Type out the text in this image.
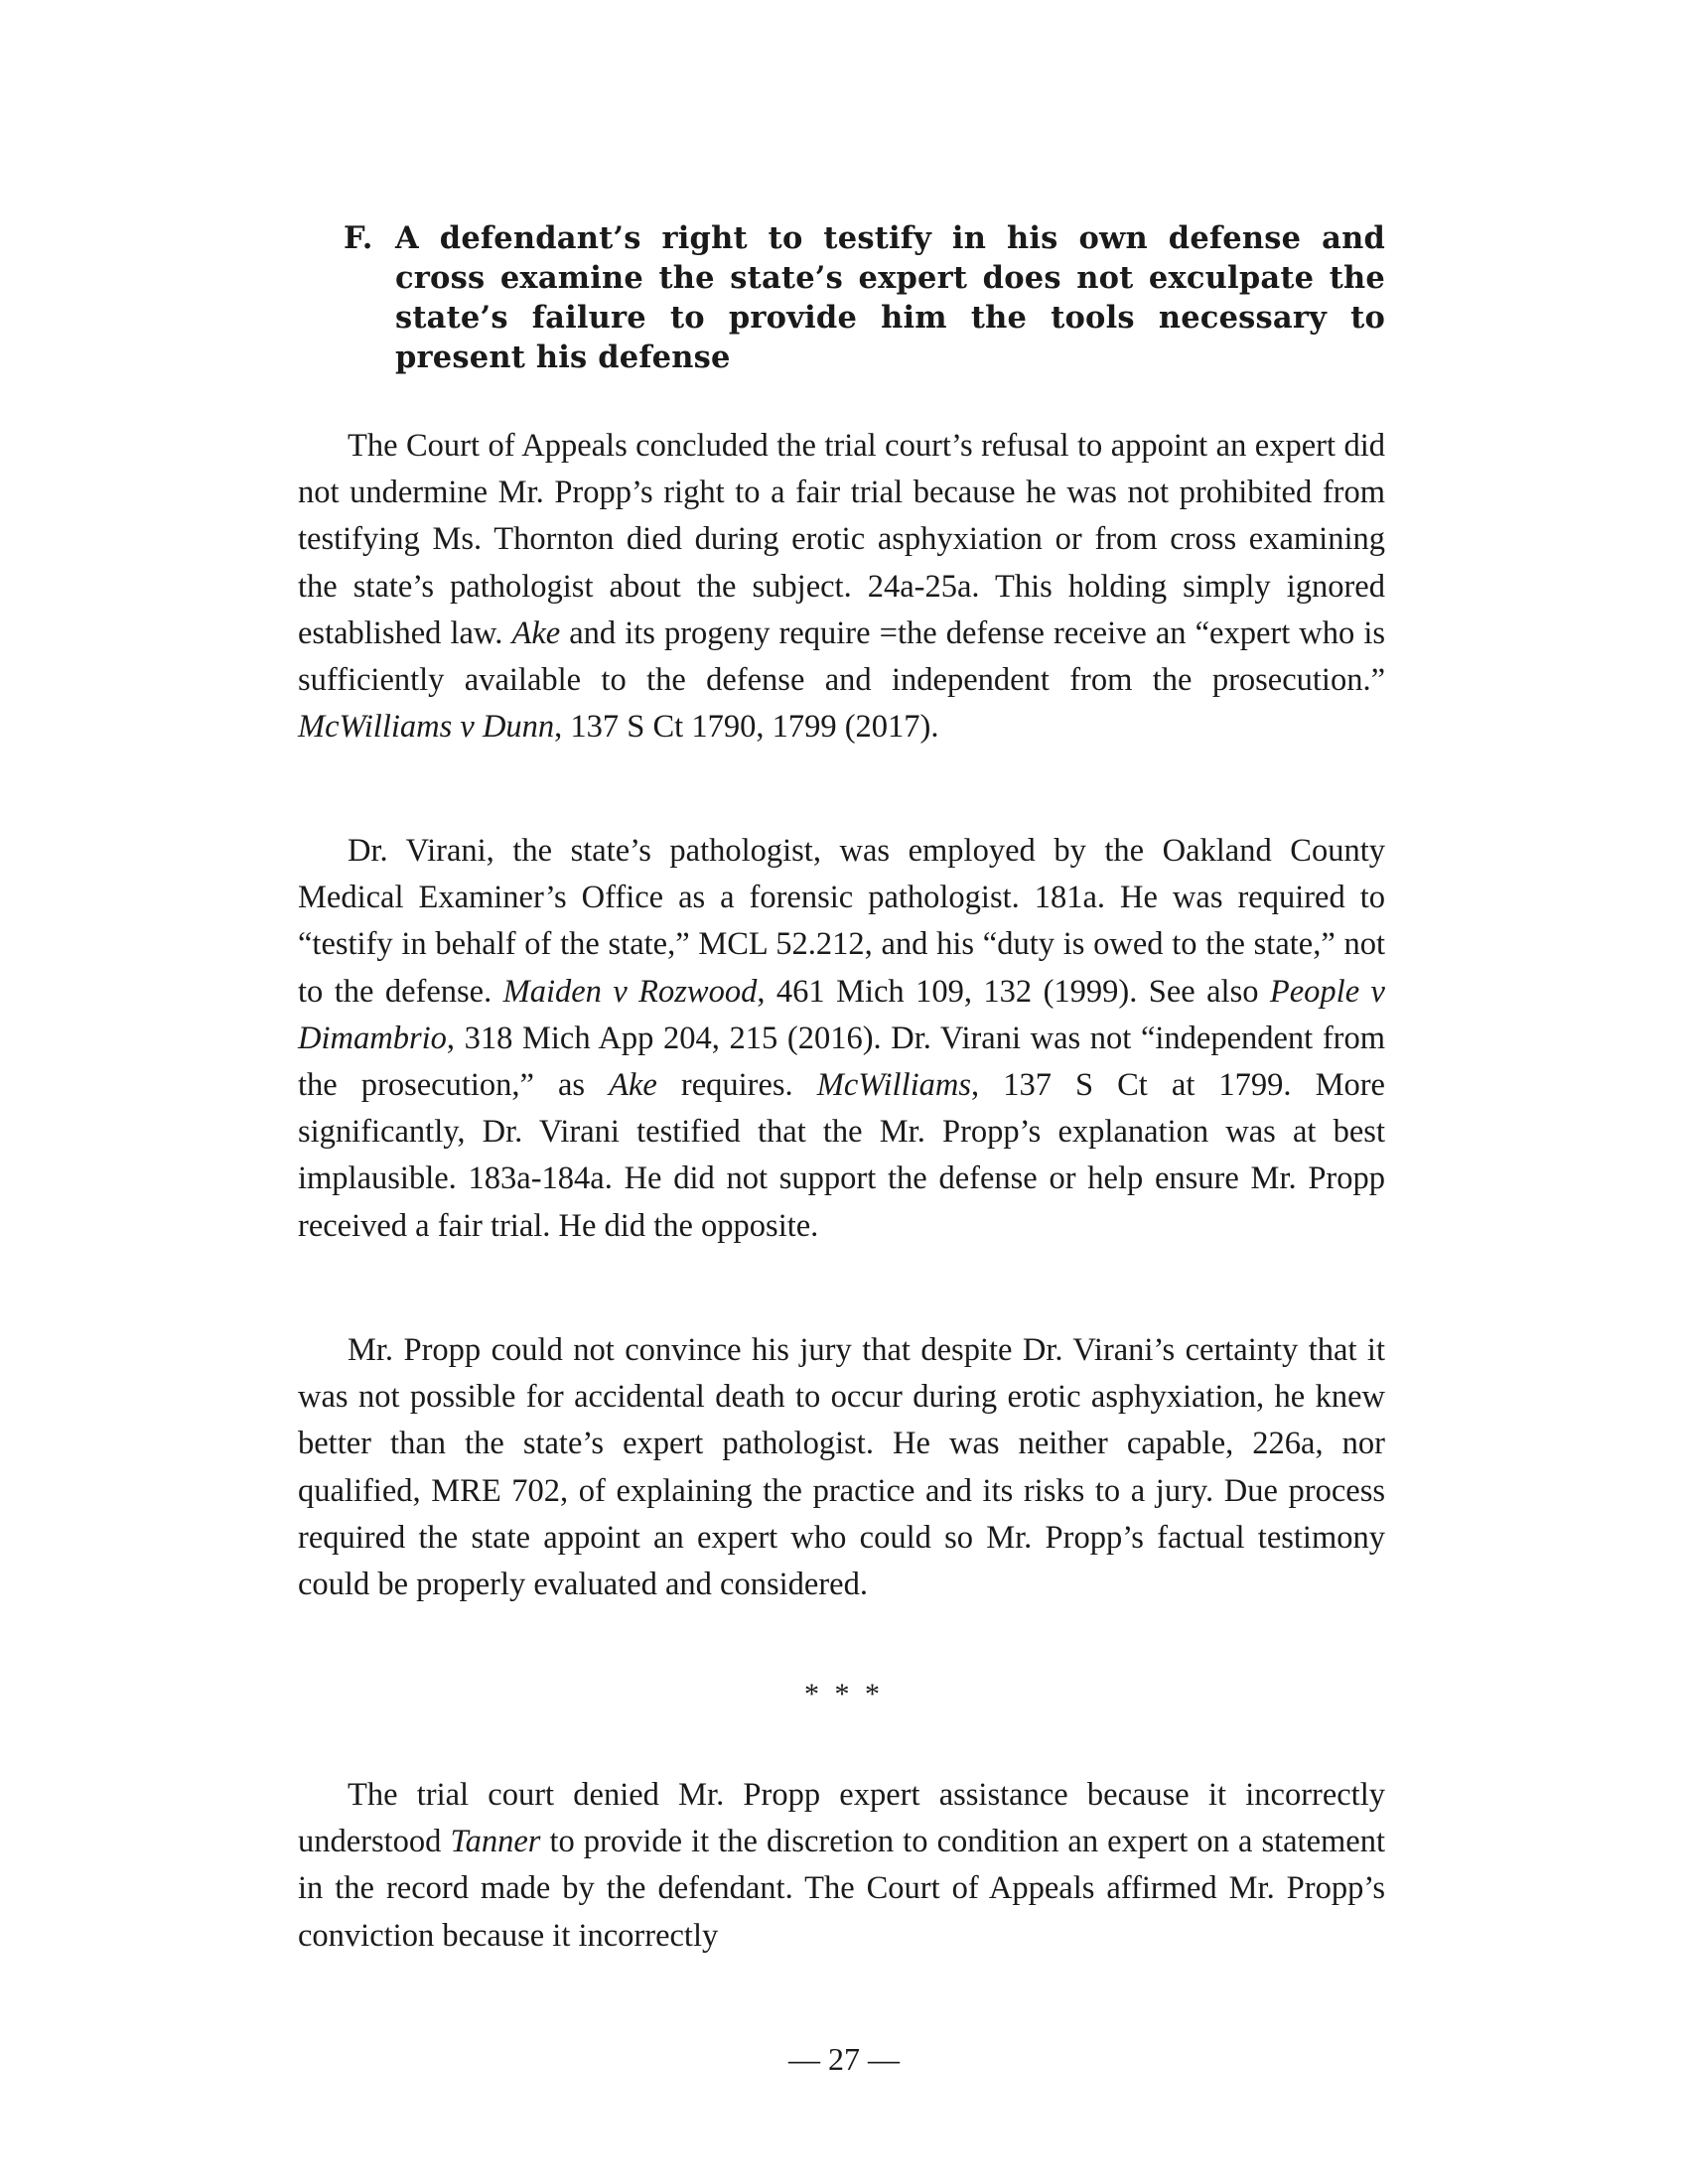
F. A defendant’s right to testify in his own defense and cross examine the state’s expert does not exculpate the state’s failure to provide him the tools necessary to present his defense

The Court of Appeals concluded the trial court’s refusal to appoint an expert did not undermine Mr. Propp’s right to a fair trial because he was not prohibited from testifying Ms. Thornton died during erotic asphyxiation or from cross examining the state’s pathologist about the subject. 24a-25a. This holding simply ignored established law. Ake and its progeny require =the defense receive an “expert who is sufficiently available to the defense and independent from the prosecution.” McWilliams v Dunn, 137 S Ct 1790, 1799 (2017).

Dr. Virani, the state’s pathologist, was employed by the Oakland County Medical Examiner’s Office as a forensic pathologist. 181a. He was required to “testify in behalf of the state,” MCL 52.212, and his “duty is owed to the state,” not to the defense. Maiden v Rozwood, 461 Mich 109, 132 (1999). See also People v Dimambrio, 318 Mich App 204, 215 (2016). Dr. Virani was not “independent from the prosecution,” as Ake requires. McWilliams, 137 S Ct at 1799. More significantly, Dr. Virani testified that the Mr. Propp’s explanation was at best implausible. 183a-184a. He did not support the defense or help ensure Mr. Propp received a fair trial. He did the opposite.

Mr. Propp could not convince his jury that despite Dr. Virani’s certainty that it was not possible for accidental death to occur during erotic asphyxiation, he knew better than the state’s expert pathologist. He was neither capable, 226a, nor qualified, MRE 702, of explaining the practice and its risks to a jury. Due process required the state appoint an expert who could so Mr. Propp’s factual testimony could be properly evaluated and considered.

* * *

The trial court denied Mr. Propp expert assistance because it incorrectly understood Tanner to provide it the discretion to condition an expert on a statement in the record made by the defendant. The Court of Appeals affirmed Mr. Propp’s conviction because it incorrectly

— 27 —
